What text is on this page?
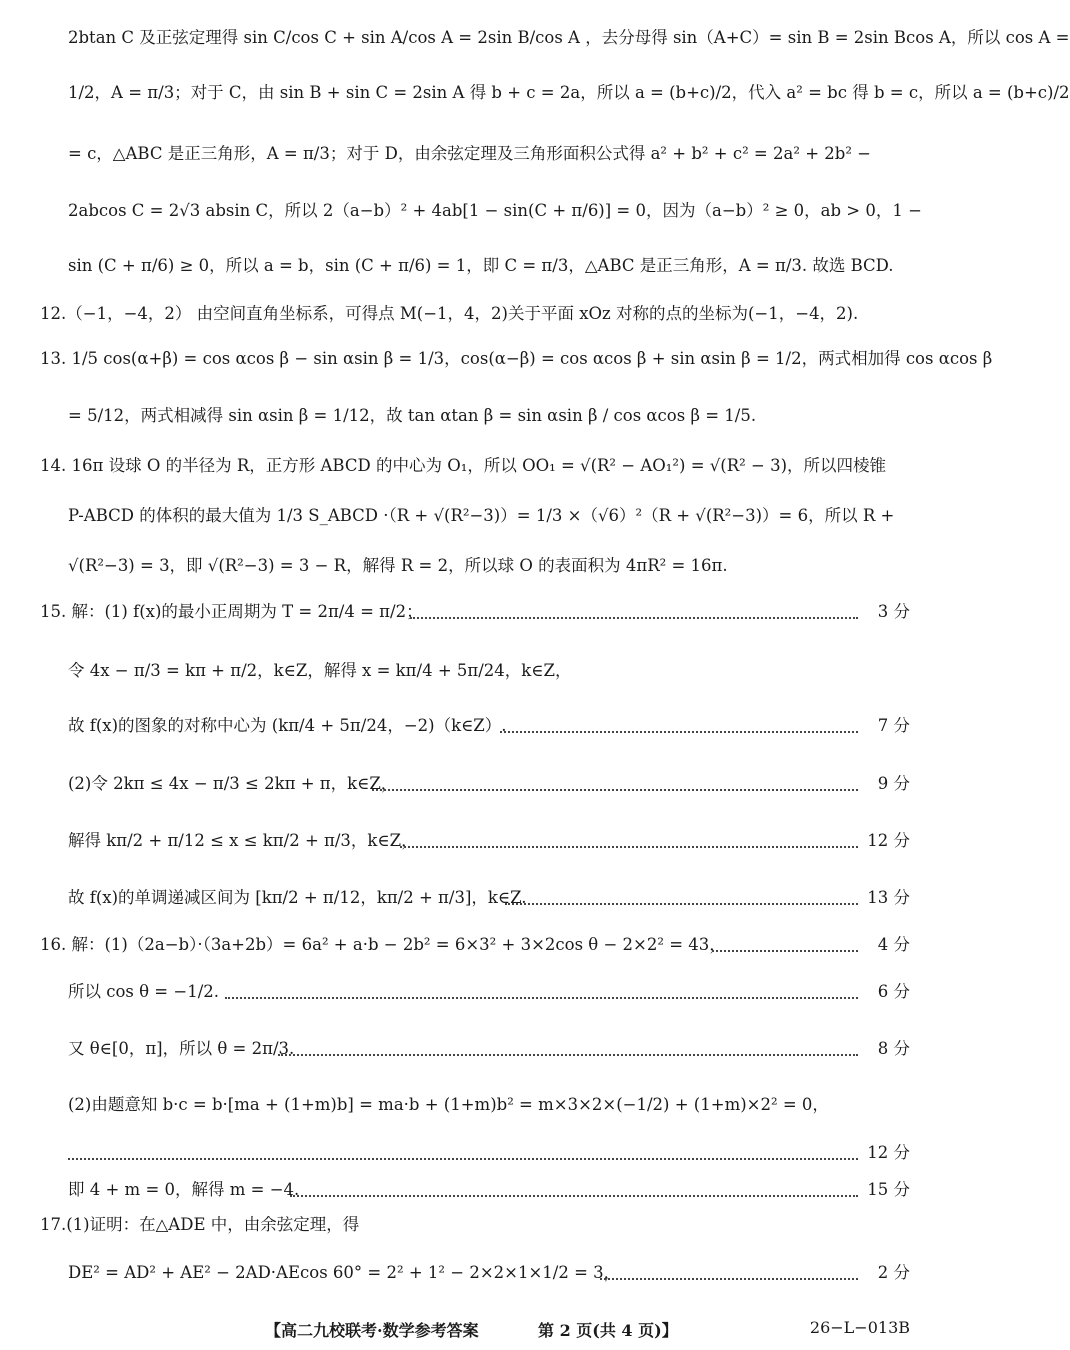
2btan C 及正弦定理得 sin C/cos C + sin A/cos A = 2sin B/cos A ，去分母得 sin（A+C）= sin B = 2sin Bcos A，所以 cos A =
1/2，A = π/3；对于 C，由 sin B + sin C = 2sin A 得 b + c = 2a，所以 a = (b+c)/2，代入 a² = bc 得 b = c，所以 a = (b+c)/2
= c，△ABC 是正三角形，A = π/3；对于 D，由余弦定理及三角形面积公式得 a² + b² + c² = 2a² + 2b² −
2abcos C = 2√3 absin C，所以 2（a−b）² + 4ab[1 − sin(C + π/6)] = 0，因为（a−b）² ≥ 0，ab > 0，1 −
sin (C + π/6) ≥ 0，所以 a = b，sin (C + π/6) = 1，即 C = π/3，△ABC 是正三角形，A = π/3. 故选 BCD.
12.（−1，−4，2） 由空间直角坐标系，可得点 M(−1，4，2)关于平面 xOz 对称的点的坐标为(−1，−4，2).
13. 1/5 cos(α+β) = cos αcos β − sin αsin β = 1/3，cos(α−β) = cos αcos β + sin αsin β = 1/2，两式相加得 cos αcos β
= 5/12，两式相减得 sin αsin β = 1/12，故 tan αtan β = sin αsin β / cos αcos β = 1/5.
14. 16π 设球 O 的半径为 R，正方形 ABCD 的中心为 O₁，所以 OO₁ = √(R² − AO₁²) = √(R² − 3)，所以四棱锥
P-ABCD 的体积的最大值为 1/3 S_ABCD ·（R + √(R²−3)）= 1/3 ×（√6）²（R + √(R²−3)）= 6，所以 R +
√(R²−3) = 3，即 √(R²−3) = 3 − R，解得 R = 2，所以球 O 的表面积为 4πR² = 16π.
15. 解：(1) f(x)的最小正周期为 T = 2π/4 = π/2；	3 分
令 4x − π/3 = kπ + π/2，k∈Z，解得 x = kπ/4 + 5π/24，k∈Z，
故 f(x)的图象的对称中心为 (kπ/4 + 5π/24，−2)（k∈Z）.	7 分
(2)令 2kπ ≤ 4x − π/3 ≤ 2kπ + π，k∈Z，	9 分
解得 kπ/2 + π/12 ≤ x ≤ kπ/2 + π/3，k∈Z，	12 分
故 f(x)的单调递减区间为 [kπ/2 + π/12，kπ/2 + π/3]，k∈Z.	13 分
16. 解：(1)（2a−b）·（3a+2b）= 6a² + a·b − 2b² = 6×3² + 3×2cos θ − 2×2² = 43，	4 分
所以 cos θ = −1/2.	6 分
又 θ∈[0，π]，所以 θ = 2π/3.	8 分
(2)由题意知 b·c = b·[ma + (1+m)b] = ma·b + (1+m)b² = m×3×2×(−1/2) + (1+m)×2² = 0，
12 分
即 4 + m = 0，解得 m = −4.	15 分
17.(1)证明：在△ADE 中，由余弦定理，得
DE² = AD² + AE² − 2AD·AEcos 60° = 2² + 1² − 2×2×1×1/2 = 3，	2 分
【高二九校联考·数学参考答案	第 2 页(共 4 页)】	26−L−013B
